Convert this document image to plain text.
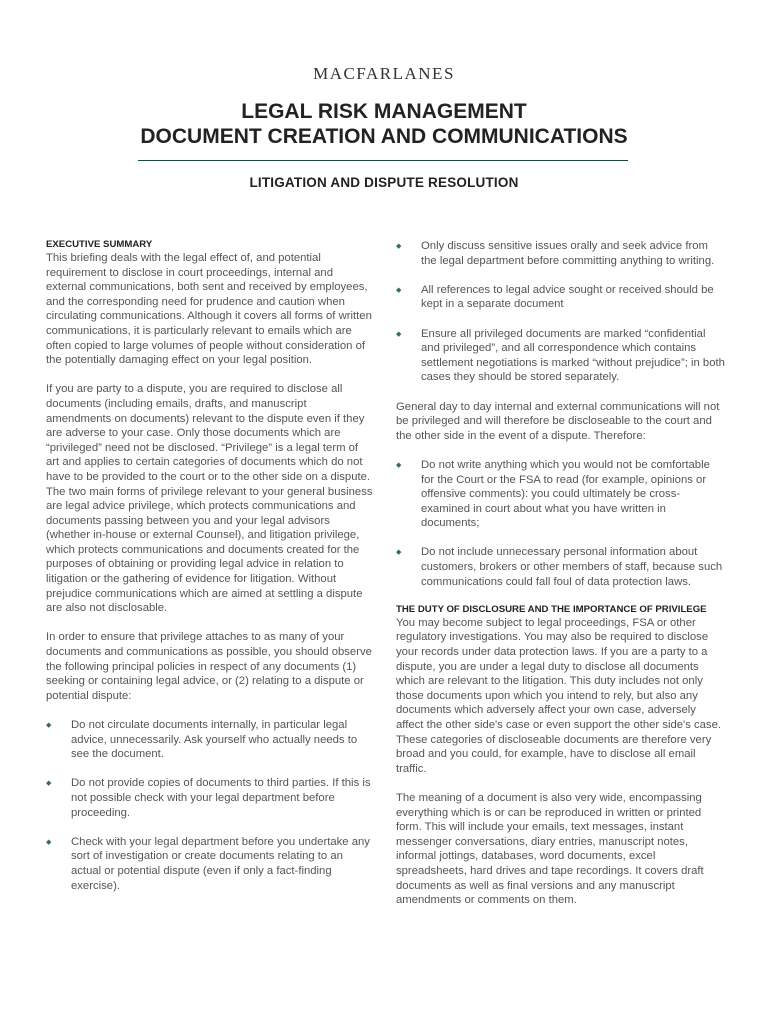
MACFARLANES
LEGAL RISK MANAGEMENT
DOCUMENT CREATION AND COMMUNICATIONS
LITIGATION AND DISPUTE RESOLUTION
EXECUTIVE SUMMARY

This briefing deals with the legal effect of, and potential requirement to disclose in court proceedings, internal and external communications, both sent and received by employees, and the corresponding need for prudence and caution when circulating communications. Although it covers all forms of written communications, it is particularly relevant to emails which are often copied to large volumes of people without consideration of the potentially damaging effect on your legal position.

If you are party to a dispute, you are required to disclose all documents (including emails, drafts, and manuscript amendments on documents) relevant to the dispute even if they are adverse to your case. Only those documents which are “privileged” need not be disclosed. “Privilege” is a legal term of art and applies to certain categories of documents which do not have to be provided to the court or to the other side on a dispute. The two main forms of privilege relevant to your general business are legal advice privilege, which protects communications and documents passing between you and your legal advisors (whether in-house or external Counsel), and litigation privilege, which protects communications and documents created for the purposes of obtaining or providing legal advice in relation to litigation or the gathering of evidence for litigation. Without prejudice communications which are aimed at settling a dispute are also not disclosable.

In order to ensure that privilege attaches to as many of your documents and communications as possible, you should observe the following principal policies in respect of any documents (1) seeking or containing legal advice, or (2) relating to a dispute or potential dispute:

◆ Do not circulate documents internally, in particular legal advice, unnecessarily. Ask yourself who actually needs to see the document.
◆ Do not provide copies of documents to third parties. If this is not possible check with your legal department before proceeding.
◆ Check with your legal department before you undertake any sort of investigation or create documents relating to an actual or potential dispute (even if only a fact-finding exercise).
◆ Only discuss sensitive issues orally and seek advice from the legal department before committing anything to writing.
◆ All references to legal advice sought or received should be kept in a separate document
◆ Ensure all privileged documents are marked “confidential and privileged”, and all correspondence which contains settlement negotiations is marked “without prejudice”; in both cases they should be stored separately.

General day to day internal and external communications will not be privileged and will therefore be discloseable to the court and the other side in the event of a dispute. Therefore:

◆ Do not write anything which you would not be comfortable for the Court or the FSA to read (for example, opinions or offensive comments): you could ultimately be cross-examined in court about what you have written in documents;
◆ Do not include unnecessary personal information about customers, brokers or other members of staff, because such communications could fall foul of data protection laws.
THE DUTY OF DISCLOSURE AND THE IMPORTANCE OF PRIVILEGE

You may become subject to legal proceedings, FSA or other regulatory investigations. You may also be required to disclose your records under data protection laws. If you are a party to a dispute, you are under a legal duty to disclose all documents which are relevant to the litigation. This duty includes not only those documents upon which you intend to rely, but also any documents which adversely affect your own case, adversely affect the other side's case or even support the other side's case. These categories of discloseable documents are therefore very broad and you could, for example, have to disclose all email traffic.

The meaning of a document is also very wide, encompassing everything which is or can be reproduced in written or printed form. This will include your emails, text messages, instant messenger conversations, diary entries, manuscript notes, informal jottings, databases, word documents, excel spreadsheets, hard drives and tape recordings. It covers draft documents as well as final versions and any manuscript amendments or comments on them.
